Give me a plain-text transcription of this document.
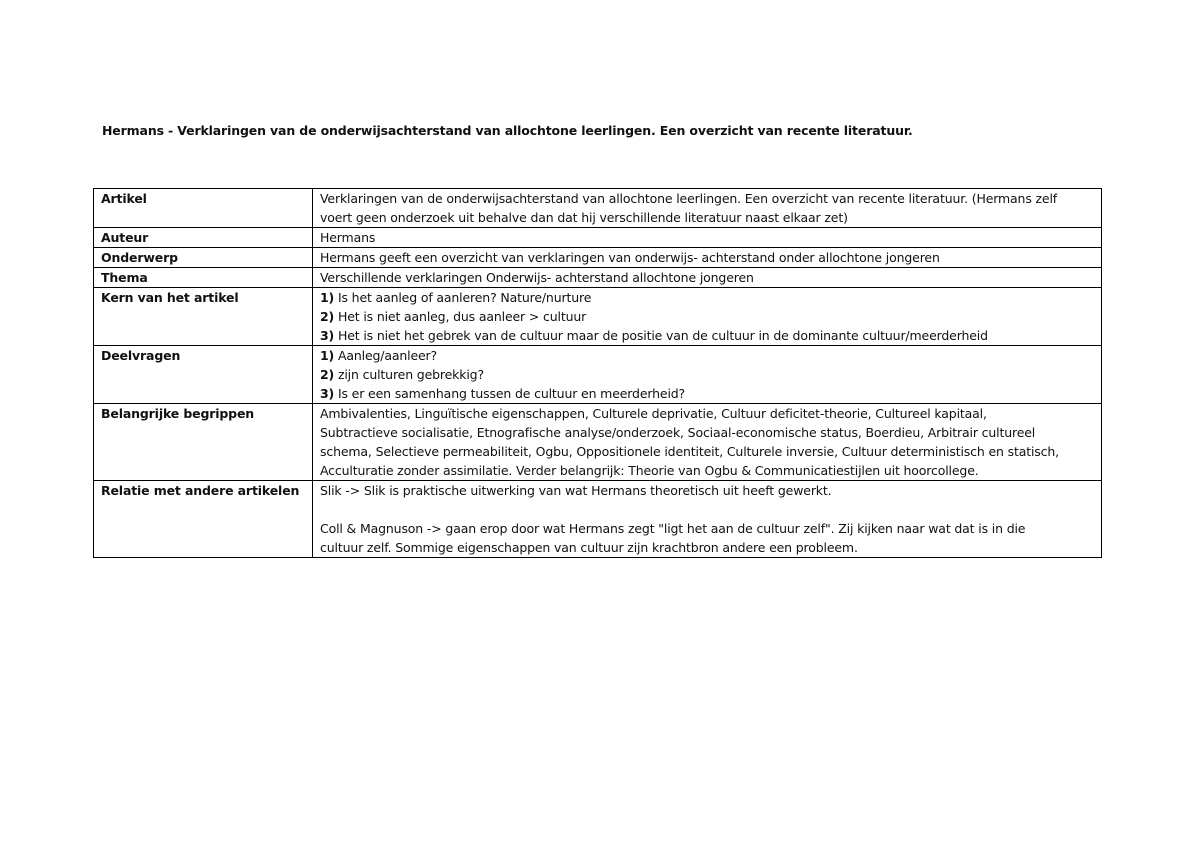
Hermans - Verklaringen van de onderwijsachterstand van allochtone leerlingen. Een overzicht van recente literatuur.
Artikel	Verklaringen van de onderwijsachterstand van allochtone leerlingen. Een overzicht van recente literatuur. (Hermans zelf
voert geen onderzoek uit behalve dan dat hij verschillende literatuur naast elkaar zet)

Auteur	Hermans

Onderwerp	Hermans geeft een overzicht van verklaringen van onderwijs- achterstand onder allochtone jongeren

Thema	Verschillende verklaringen Onderwijs- achterstand allochtone jongeren

Kern van het artikel	1) Is het aanleg of aanleren? Nature/nurture
2) Het is niet aanleg, dus aanleer > cultuur
3) Het is niet het gebrek van de cultuur maar de positie van de cultuur in de dominante cultuur/meerderheid

Deelvragen	1) Aanleg/aanleer?
2) zijn culturen gebrekkig?
3) Is er een samenhang tussen de cultuur en meerderheid?

Belangrijke begrippen	Ambivalenties, Linguïtische eigenschappen, Culturele deprivatie, Cultuur deficitet-theorie, Cultureel kapitaal,
Subtractieve socialisatie, Etnografische analyse/onderzoek, Sociaal-economische status, Boerdieu, Arbitrair cultureel
schema, Selectieve permeabiliteit, Ogbu, Oppositionele identiteit, Culturele inversie, Cultuur deterministisch en statisch,
Acculturatie zonder assimilatie. Verder belangrijk: Theorie van Ogbu & Communicatiestijlen uit hoorcollege.

Relatie met andere artikelen	Slik -> Slik is praktische uitwerking van wat Hermans theoretisch uit heeft gewerkt.
Coll & Magnuson -> gaan erop door wat Hermans zegt "ligt het aan de cultuur zelf". Zij kijken naar wat dat is in die
cultuur zelf. Sommige eigenschappen van cultuur zijn krachtbron andere een probleem.
